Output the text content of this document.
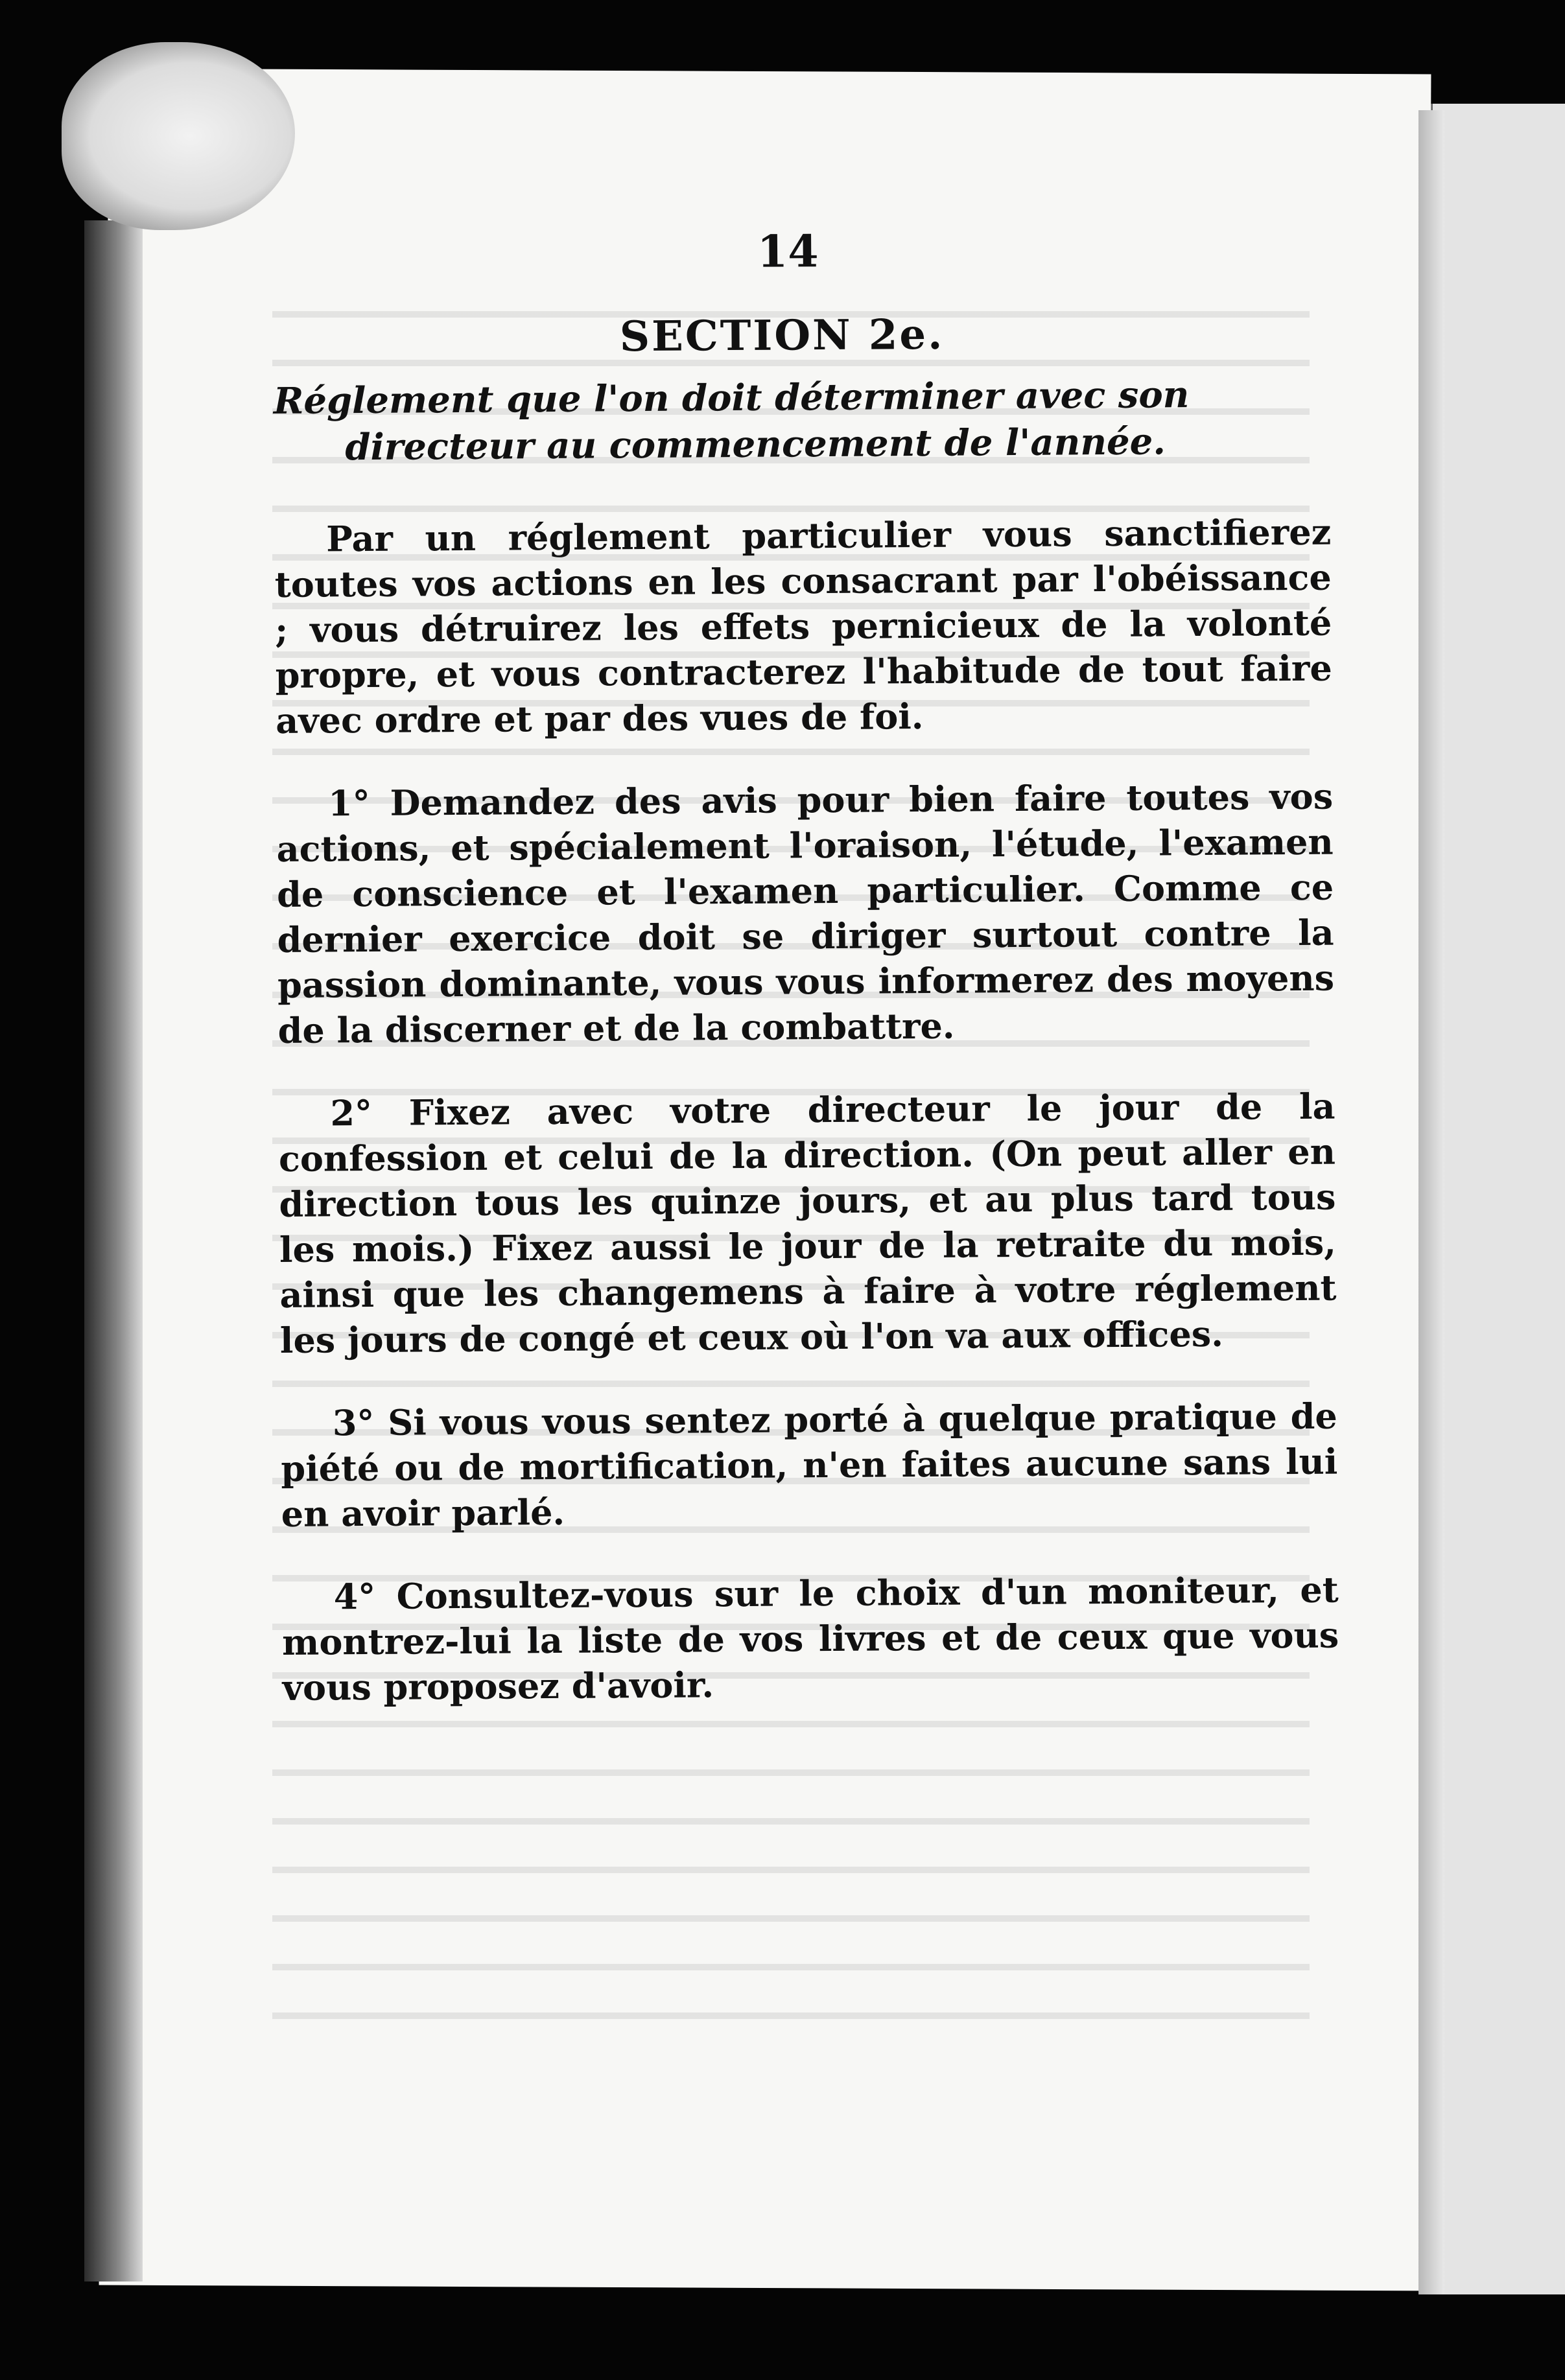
14
SECTION 2e.
Réglement que l'on doit déterminer avec son directeur au commencement de l'année.

Par un réglement particulier vous sanctifierez toutes vos actions en les consacrant par l'obéissance ; vous détruirez les effets pernicieux de la volonté propre, et vous contracterez l'habitude de tout faire avec ordre et par des vues de foi.

1° Demandez des avis pour bien faire toutes vos actions, et spécialement l'oraison, l'étude, l'examen de conscience et l'examen particulier. Comme ce dernier exercice doit se diriger surtout contre la passion dominante, vous vous informerez des moyens de la discerner et de la combattre.

2° Fixez avec votre directeur le jour de la confession et celui de la direction. (On peut aller en direction tous les quinze jours, et au plus tard tous les mois.) Fixez aussi le jour de la retraite du mois, ainsi que les changemens à faire à votre réglement les jours de congé et ceux où l'on va aux offices.

3° Si vous vous sentez porté à quelque pratique de piété ou de mortification, n'en faites aucune sans lui en avoir parlé.

4° Consultez-vous sur le choix d'un moniteur, et montrez-lui la liste de vos livres et de ceux que vous vous proposez d'avoir.
